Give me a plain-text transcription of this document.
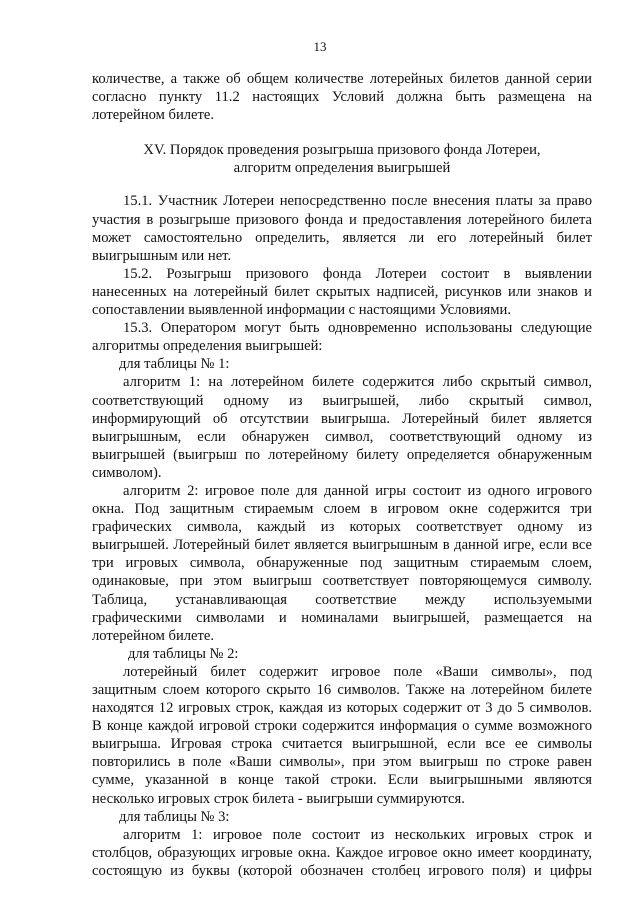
13
количестве, а также об общем количестве лотерейных билетов данной серии
согласно пункту 11.2 настоящих Условий должна быть размещена на
лотерейном билете.
XV. Порядок проведения розыгрыша призового фонда Лотереи,
алгоритм определения выигрышей
15.1. Участник Лотереи непосредственно после внесения платы за право
участия в розыгрыше призового фонда и предоставления лотерейного билета
может самостоятельно определить, является ли его лотерейный билет
выигрышным или нет.
15.2. Розыгрыш призового фонда Лотереи состоит в выявлении
нанесенных на лотерейный билет скрытых надписей, рисунков или знаков и
сопоставлении выявленной информации с настоящими Условиями.
15.3. Оператором могут быть одновременно использованы следующие
алгоритмы определения выигрышей:
для таблицы № 1:
алгоритм 1: на лотерейном билете содержится либо скрытый символ,
соответствующий одному из выигрышей, либо скрытый символ,
информирующий об отсутствии выигрыша. Лотерейный билет является
выигрышным, если обнаружен символ, соответствующий одному из
выигрышей (выигрыш по лотерейному билету определяется обнаруженным
символом).
алгоритм 2: игровое поле для данной игры состоит из одного игрового
окна. Под защитным стираемым слоем в игровом окне содержится три
графических символа, каждый из которых соответствует одному из
выигрышей. Лотерейный билет является выигрышным в данной игре, если все
три игровых символа, обнаруженные под защитным стираемым слоем,
одинаковые, при этом выигрыш соответствует повторяющемуся символу.
Таблица, устанавливающая соответствие между используемыми
графическими символами и номиналами выигрышей, размещается на
лотерейном билете.
для таблицы № 2:
лотерейный билет содержит игровое поле «Ваши символы», под
защитным слоем которого скрыто 16 символов. Также на лотерейном билете
находятся 12 игровых строк, каждая из которых содержит от 3 до 5 символов.
В конце каждой игровой строки содержится информация о сумме возможного
выигрыша. Игровая строка считается выигрышной, если все ее символы
повторились в поле «Ваши символы», при этом выигрыш по строке равен
сумме, указанной в конце такой строки. Если выигрышными являются
несколько игровых строк билета - выигрыши суммируются.
для таблицы № 3:
алгоритм 1: игровое поле состоит из нескольких игровых строк и
столбцов, образующих игровые окна. Каждое игровое окно имеет координату,
состоящую из буквы (которой обозначен столбец игрового поля) и цифры
